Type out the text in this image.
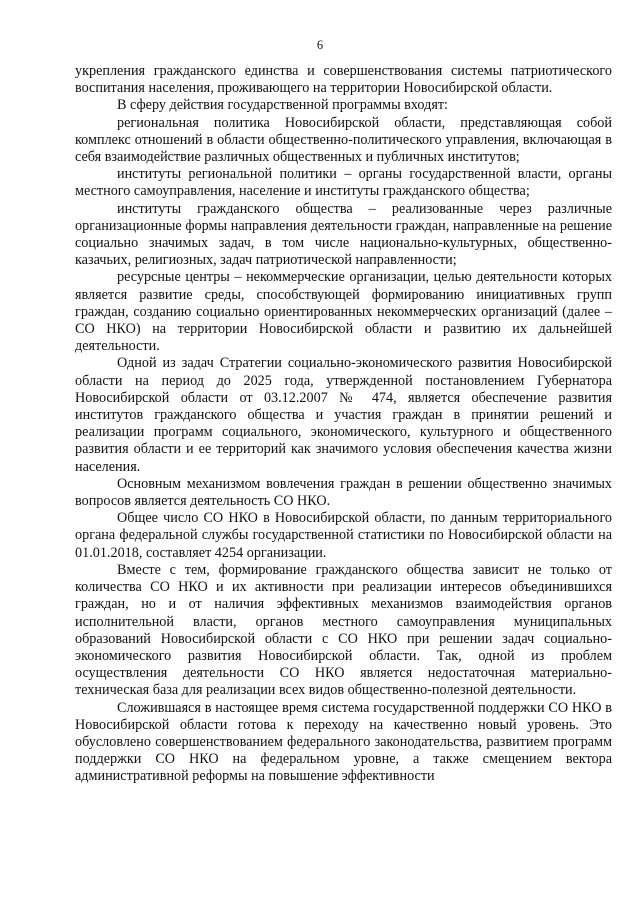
6

укрепления гражданского единства и совершенствования системы патриотического воспитания населения, проживающего на территории Новосибирской области.

В сферу действия государственной программы входят:

региональная политика Новосибирской области, представляющая собой комплекс отношений в области общественно-политического управления, включающая в себя взаимодействие различных общественных и публичных институтов;

институты региональной политики – органы государственной власти, органы местного самоуправления, население и институты гражданского общества;

институты гражданского общества – реализованные через различные организационные формы направления деятельности граждан, направленные на решение социально значимых задач, в том числе национально-культурных, общественно-казачьих, религиозных, задач патриотической направленности;

ресурсные центры – некоммерческие организации, целью деятельности которых является развитие среды, способствующей формированию инициативных групп граждан, созданию социально ориентированных некоммерческих организаций (далее – СО НКО) на территории Новосибирской области и развитию их дальнейшей деятельности.

Одной из задач Стратегии социально-экономического развития Новосибирской области на период до 2025 года, утвержденной постановлением Губернатора Новосибирской области от 03.12.2007 № 474, является обеспечение развития институтов гражданского общества и участия граждан в принятии решений и реализации программ социального, экономического, культурного и общественного развития области и ее территорий как значимого условия обеспечения качества жизни населения.

Основным механизмом вовлечения граждан в решении общественно значимых вопросов является деятельность СО НКО.

Общее число СО НКО в Новосибирской области, по данным территориального органа федеральной службы государственной статистики по Новосибирской области на 01.01.2018, составляет 4254 организации.

Вместе с тем, формирование гражданского общества зависит не только от количества СО НКО и их активности при реализации интересов объединившихся граждан, но и от наличия эффективных механизмов взаимодействия органов исполнительной власти, органов местного самоуправления муниципальных образований Новосибирской области с СО НКО при решении задач социально-экономического развития Новосибирской области. Так, одной из проблем осуществления деятельности СО НКО является недостаточная материально-техническая база для реализации всех видов общественно-полезной деятельности.

Сложившаяся в настоящее время система государственной поддержки СО НКО в Новосибирской области готова к переходу на качественно новый уровень. Это обусловлено совершенствованием федерального законодательства, развитием программ поддержки СО НКО на федеральном уровне, а также смещением вектора административной реформы на повышение эффективности
